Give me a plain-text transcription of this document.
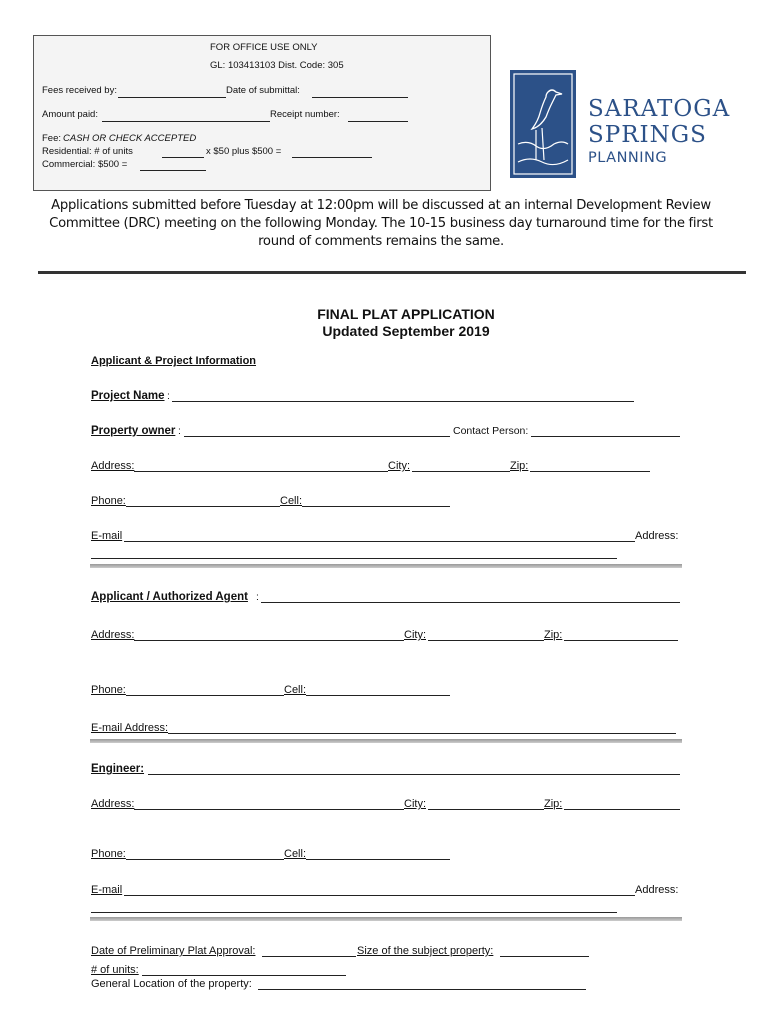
FOR OFFICE USE ONLY
GL: 103413103 Dist. Code: 305
Fees received by:	Date of submittal:
Amount paid:	Receipt number:
Fee: CASH OR CHECK ACCEPTED
Residential: # of units	x $50 plus $500 =
Commercial: $500 =
SARATOGA
SPRINGS
PLANNING
Applications submitted before Tuesday at 12:00pm will be discussed at an internal Development Review Committee (DRC) meeting on the following Monday. The 10-15 business day turnaround time for the first round of comments remains the same.
FINAL PLAT APPLICATION
Updated September 2019
Applicant & Project Information
Project Name :
Property owner :	Contact Person:
Address:	City:	Zip:
Phone:	Cell:
E-mail	Address:
Applicant / Authorized Agent :
Address:	City:	Zip:
Phone:	Cell:
E-mail Address:
Engineer:
Address:	City:	Zip:
Phone:	Cell:
E-mail	Address:
Date of Preliminary Plat Approval:	Size of the subject property:
# of units:
General Location of the property:
